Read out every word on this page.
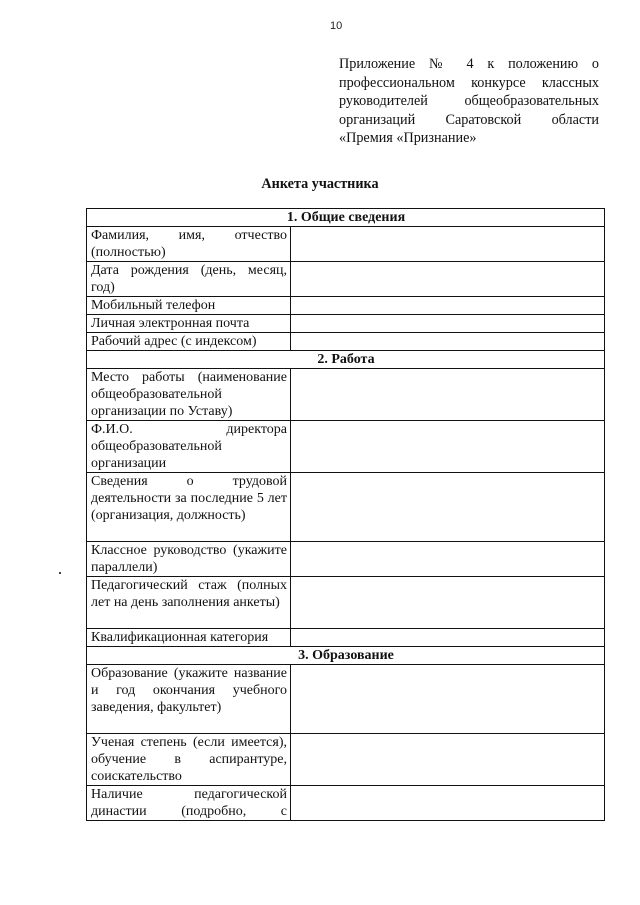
10
Приложение № 4 к положению о профессиональном конкурсе классных руководителей общеобразовательных организаций Саратовской области «Премия «Признание»
Анкета участника
1. Общие сведения	
Фамилия, имя, отчество (полностью)	
Дата рождения (день, месяц, год)	
Мобильный телефон	
Личная электронная почта	
Рабочий адрес (с индексом)	
2. Работа	
Место работы (наименование общеобразовательной организации по Уставу)	
Ф.И.О. директора общеобразовательной организации	
Сведения о трудовой деятельности за последние 5 лет (организация, должность)	
Классное руководство (укажите параллели)	
Педагогический стаж (полных лет на день заполнения анкеты)	
Квалификационная категория	
3. Образование	
Образование (укажите название и год окончания учебного заведения, факультет)	
Ученая степень (если имеется), обучение в аспирантуре, соискательство	

Наличие педагогической династии (подробно, с	
